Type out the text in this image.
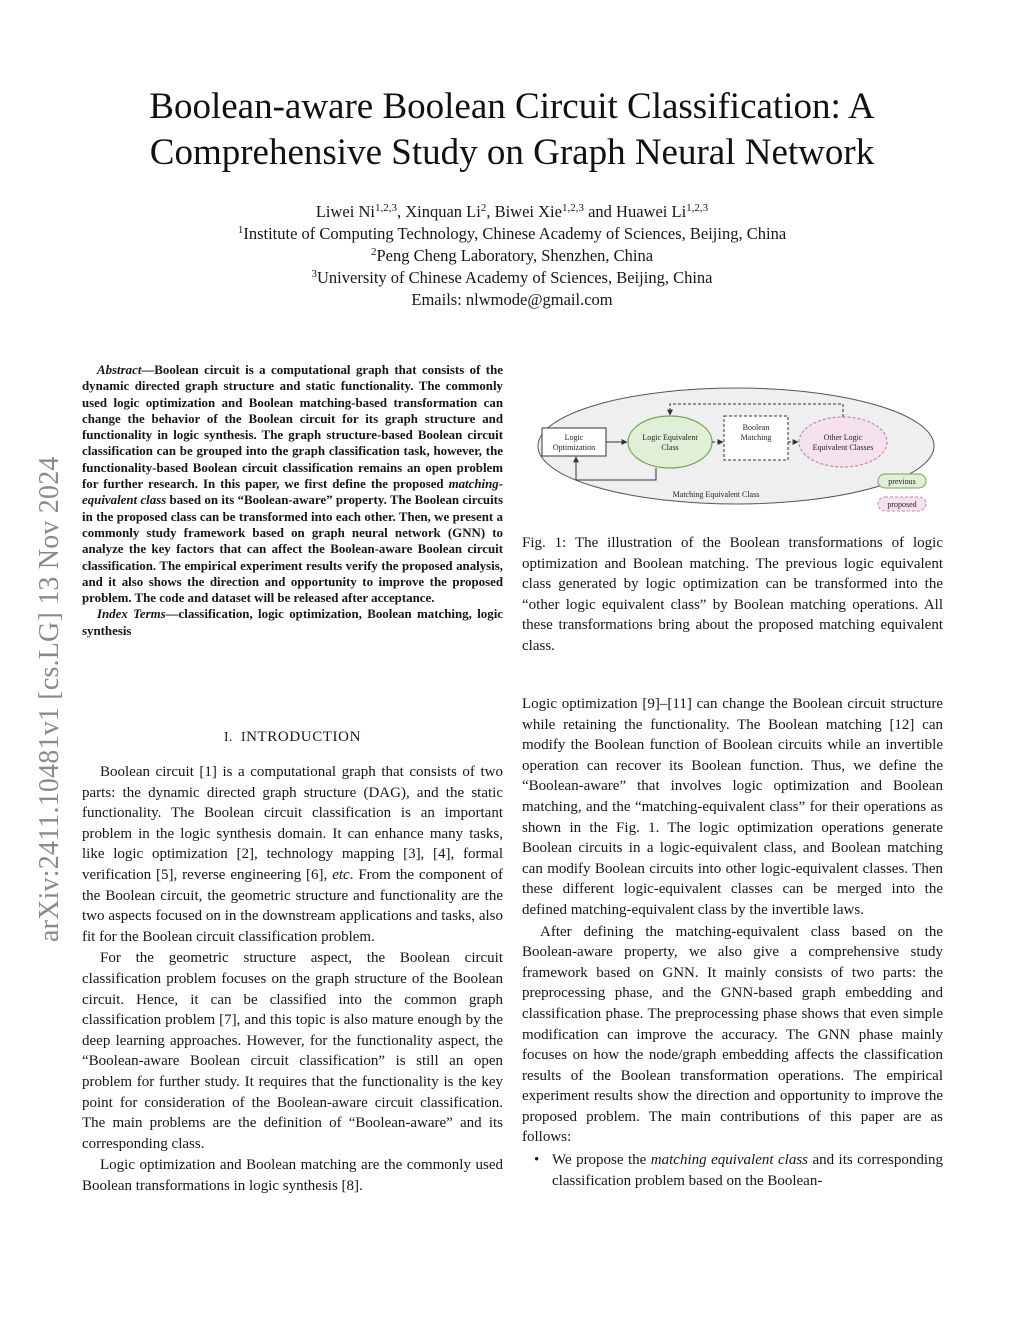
arXiv:2411.10481v1 [cs.LG] 13 Nov 2024
Boolean-aware Boolean Circuit Classification: A
Comprehensive Study on Graph Neural Network
Liwei Ni$^{1,2,3}$, Xinquan Li$^2$, Biwei Xie$^{1,2,3}$ and Huawei Li$^{1,2,3}$
$^1$Institute of Computing Technology, Chinese Academy of Sciences, Beijing, China
$^2$Peng Cheng Laboratory, Shenzhen, China
$^3$University of Chinese Academy of Sciences, Beijing, China
Emails: nlwmode@gmail.com

Abstract—Boolean circuit is a computational graph that consists of the dynamic directed graph structure and static functionality. The commonly used logic optimization and Boolean matching-based transformation can change the behavior of the Boolean circuit for its graph structure and functionality in logic synthesis. The graph structure-based Boolean circuit classification can be grouped into the graph classification task, however, the functionality-based Boolean circuit classification remains an open problem for further research. In this paper, we first define the proposed matching-equivalent class based on its “Boolean-aware” property. The Boolean circuits in the proposed class can be transformed into each other. Then, we present a commonly study framework based on graph neural network (GNN) to analyze the key factors that can affect the Boolean-aware Boolean circuit classification. The empirical experiment results verify the proposed analysis, and it also shows the direction and opportunity to improve the proposed problem. The code and dataset will be released after acceptance.

Index Terms—classification, logic optimization, Boolean matching, logic synthesis

I. INTRODUCTION

Boolean circuit [1] is a computational graph that consists of two parts: the dynamic directed graph structure (DAG), and the static functionality. The Boolean circuit classification is an important problem in the logic synthesis domain. It can enhance many tasks, like logic optimization [2], technology mapping [3], [4], formal verification [5], reverse engineering [6], etc. From the component of the Boolean circuit, the geometric structure and functionality are the two aspects focused on in the downstream applications and tasks, also fit for the Boolean circuit classification problem.

For the geometric structure aspect, the Boolean circuit classification problem focuses on the graph structure of the Boolean circuit. Hence, it can be classified into the common graph classification problem [7], and this topic is also mature enough by the deep learning approaches. However, for the functionality aspect, the “Boolean-aware Boolean circuit classification” is still an open problem for further study. It requires that the functionality is the key point for consideration of the Boolean-aware circuit classification. The main problems are the definition of “Boolean-aware” and its corresponding class.

Logic optimization and Boolean matching are the commonly used Boolean transformations in logic synthesis [8].

Logic
Optimization
Logic Equivalent
Class
Boolean
Matching	Other Logic
Equivalent Classes
Matching Equivalent Class
previous
proposed
Fig. 1: The illustration of the Boolean transformations of logic optimization and Boolean matching. The previous logic equivalent class generated by logic optimization can be transformed into the “other logic equivalent class” by Boolean matching operations. All these transformations bring about the proposed matching equivalent class.

Logic optimization [9]–[11] can change the Boolean circuit structure while retaining the functionality. The Boolean matching [12] can modify the Boolean function of Boolean circuits while an invertible operation can recover its Boolean function. Thus, we define the “Boolean-aware” that involves logic optimization and Boolean matching, and the “matching-equivalent class” for their operations as shown in the Fig. 1. The logic optimization operations generate Boolean circuits in a logic-equivalent class, and Boolean matching can modify Boolean circuits into other logic-equivalent classes. Then these different logic-equivalent classes can be merged into the defined matching-equivalent class by the invertible laws.

After defining the matching-equivalent class based on the Boolean-aware property, we also give a comprehensive study framework based on GNN. It mainly consists of two parts: the preprocessing phase, and the GNN-based graph embedding and classification phase. The preprocessing phase shows that even simple modification can improve the accuracy. The GNN phase mainly focuses on how the node/graph embedding affects the classification results of the Boolean transformation operations. The empirical experiment results show the direction and opportunity to improve the proposed problem. The main contributions of this paper are as follows:

• We propose the matching equivalent class and its corresponding classification problem based on the Boolean-
